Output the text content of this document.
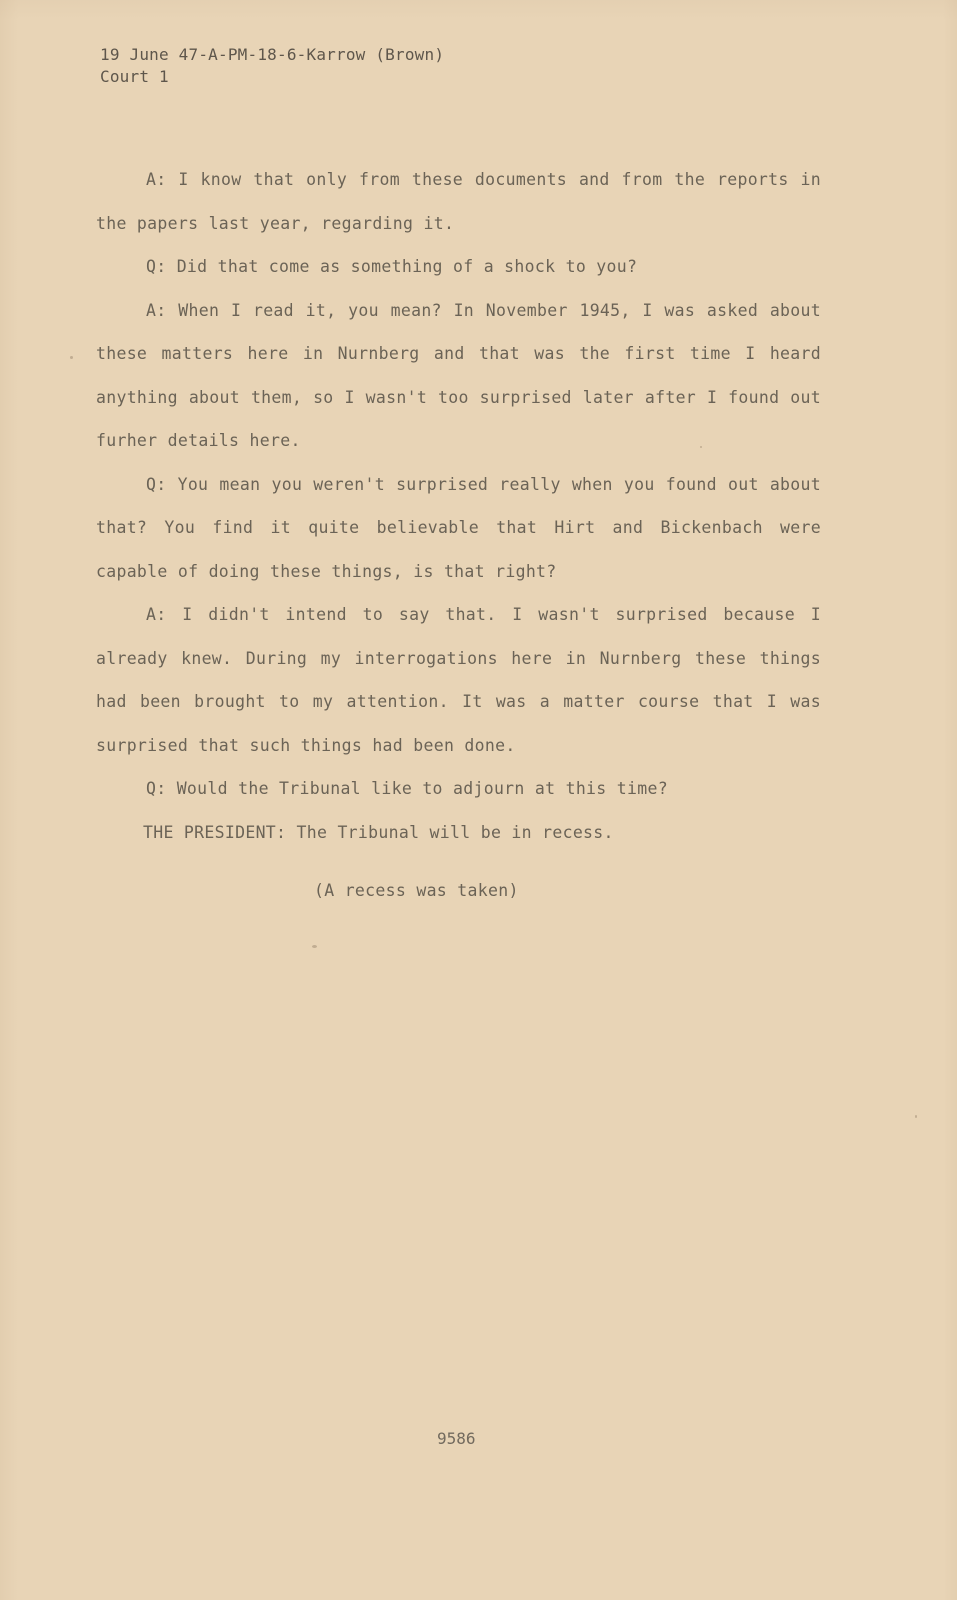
19 June 47-A-PM-18-6-Karrow (Brown)
Court 1

A: I know that only from these documents and from the reports in the papers last year, regarding it.

Q: Did that come as something of a shock to you?

A: When I read it, you mean? In November 1945, I was asked about these matters here in Nurnberg and that was the first time I heard anything about them, so I wasn't too surprised later after I found out furher details here.

Q: You mean you weren't surprised really when you found out about that? You find it quite believable that Hirt and Bickenbach were capable of doing these things, is that right?

A: I didn't intend to say that. I wasn't surprised because I already knew. During my interrogations here in Nurnberg these things had been brought to my attention. It was a matter course that I was surprised that such things had been done.

Q: Would the Tribunal like to adjourn at this time?

THE PRESIDENT: The Tribunal will be in recess.

(A recess was taken)
9586
